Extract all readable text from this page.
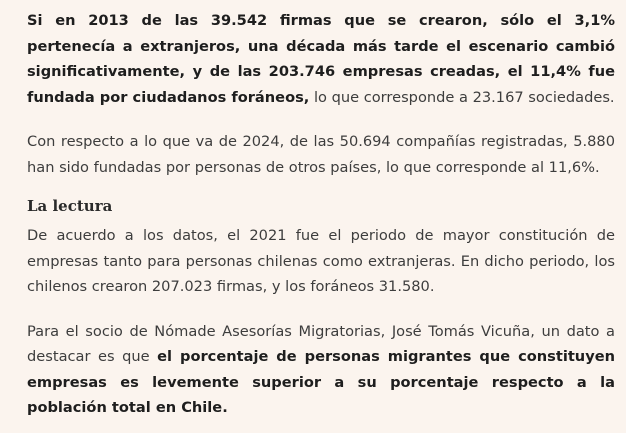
Si en 2013 de las 39.542 firmas que se crearon, sólo el 3,1% pertenecía a extranjeros, una década más tarde el escenario cambió significativamente, y de las 203.746 empresas creadas, el 11,4% fue fundada por ciudadanos foráneos, lo que corresponde a 23.167 sociedades.

Con respecto a lo que va de 2024, de las 50.694 compañías registradas, 5.880 han sido fundadas por personas de otros países, lo que corresponde al 11,6%.

La lectura

De acuerdo a los datos, el 2021 fue el periodo de mayor constitución de empresas tanto para personas chilenas como extranjeras. En dicho periodo, los chilenos crearon 207.023 firmas, y los foráneos 31.580.

Para el socio de Nómade Asesorías Migratorias, José Tomás Vicuña, un dato a destacar es que el porcentaje de personas migrantes que constituyen empresas es levemente superior a su porcentaje respecto a la población total en Chile.
